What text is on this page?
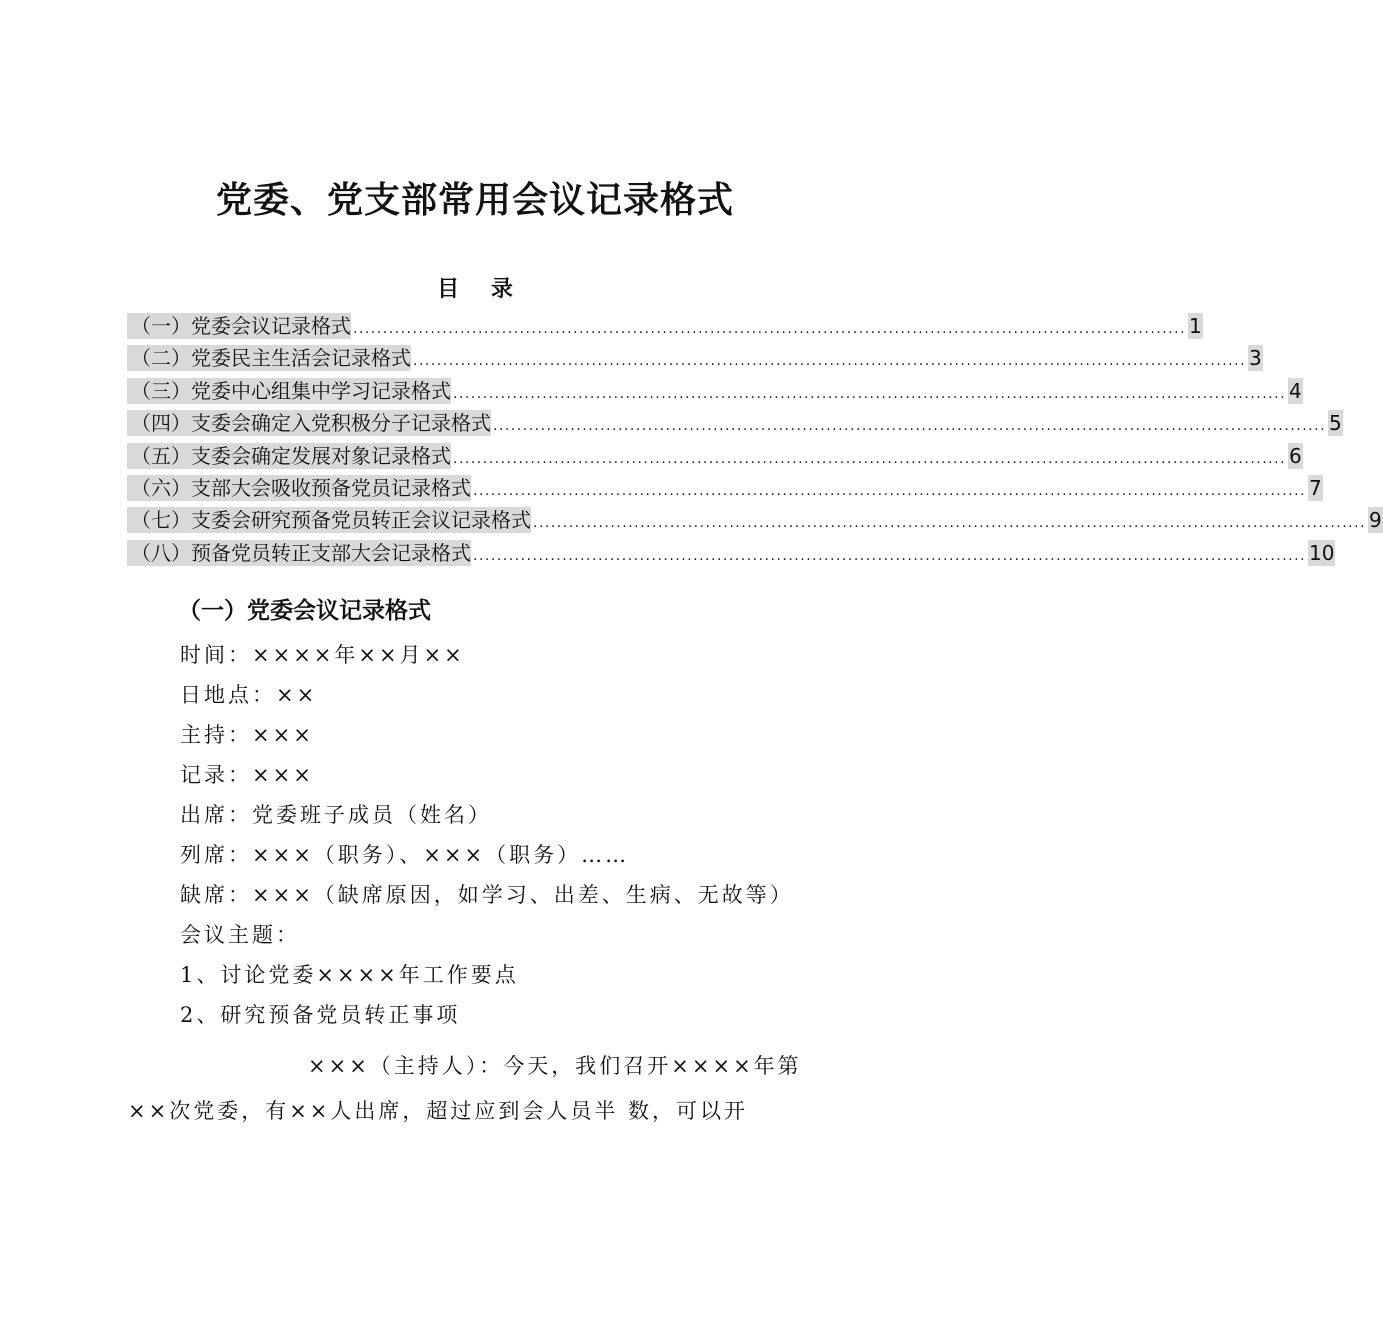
党委、党支部常用会议记录格式
目 录
（一）党委会议记录格式 ............................................................................................................................................ 1
（二）党委民主生活会记录格式 ............................................................................................................................................ 3
（三）党委中心组集中学习记录格式 ............................................................................................................................................ 4
（四）支委会确定入党积极分子记录格式 ............................................................................................................................................ 5
（五）支委会确定发展对象记录格式 ............................................................................................................................................ 6
（六）支部大会吸收预备党员记录格式 ............................................................................................................................................ 7
（七）支委会研究预备党员转正会议记录格式 ............................................................................................................................................ 9
（八）预备党员转正支部大会记录格式 ............................................................................................................................................ 10
（一）党委会议记录格式
时间：××××年××月××
日地点：××
主持：×××
记录：×××
出席：党委班子成员（姓名）
列席：×××（职务）、×××（职务）……
缺席：×××（缺席原因，如学习、出差、生病、无故等）
会议主题：
1、讨论党委××××年工作要点
2、研究预备党员转正事项
×××（主持人）：今天，我们召开××××年第××次党委，有××人出席，超过应到会人员半 数，可以开
